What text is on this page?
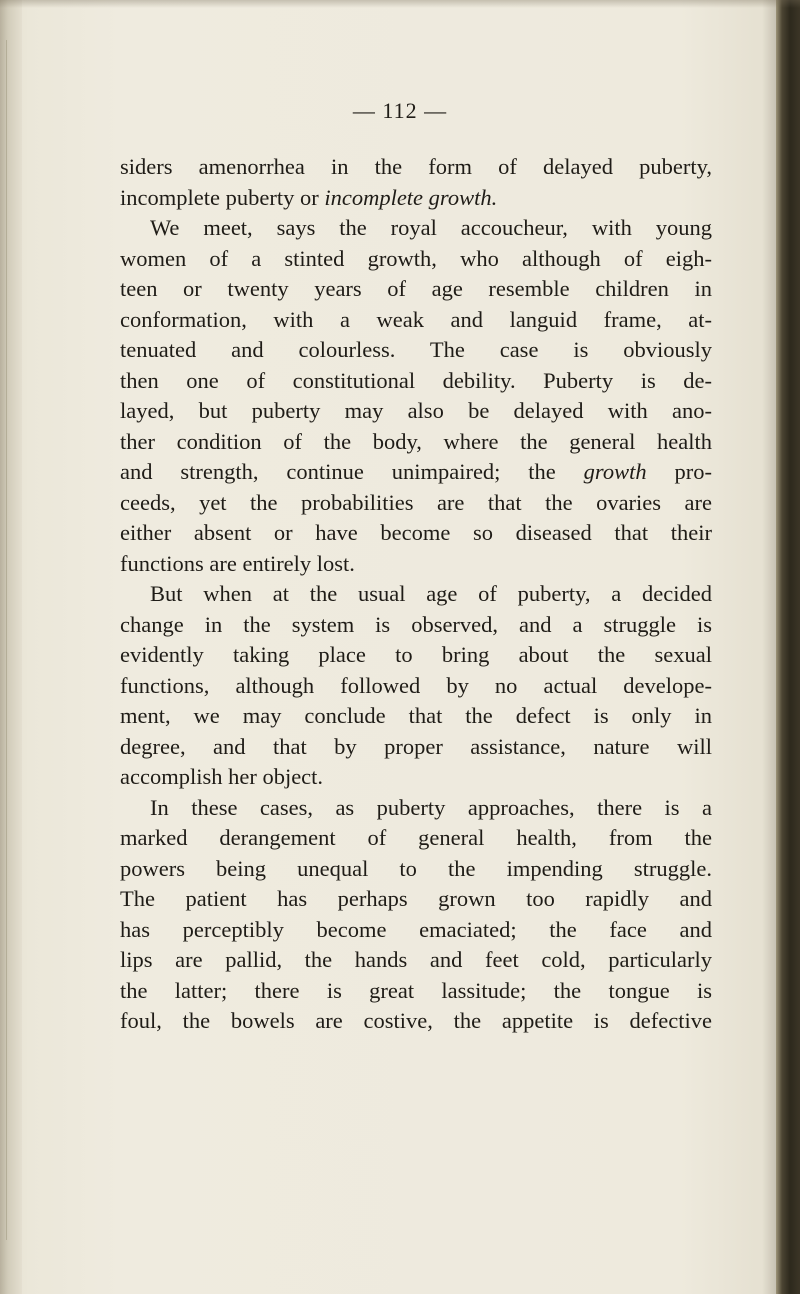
— 112 —

siders amenorrhea in the form of delayed puberty,

incomplete puberty or incomplete growth.

We meet, says the royal accoucheur, with young

women of a stinted growth, who although of eigh-

teen or twenty years of age resemble children in

conformation, with a weak and languid frame, at-

tenuated and colourless. The case is obviously

then one of constitutional debility. Puberty is de-

layed, but puberty may also be delayed with ano-

ther condition of the body, where the general health

and strength, continue unimpaired; the growth pro-

ceeds, yet the probabilities are that the ovaries are

either absent or have become so diseased that their

functions are entirely lost.

But when at the usual age of puberty, a decided

change in the system is observed, and a struggle is

evidently taking place to bring about the sexual

functions, although followed by no actual develope-

ment, we may conclude that the defect is only in

degree, and that by proper assistance, nature will

accomplish her object.

In these cases, as puberty approaches, there is a

marked derangement of general health, from the

powers being unequal to the impending struggle.

The patient has perhaps grown too rapidly and

has perceptibly become emaciated; the face and

lips are pallid, the hands and feet cold, particularly

the latter; there is great lassitude; the tongue is

foul, the bowels are costive, the appetite is defective
